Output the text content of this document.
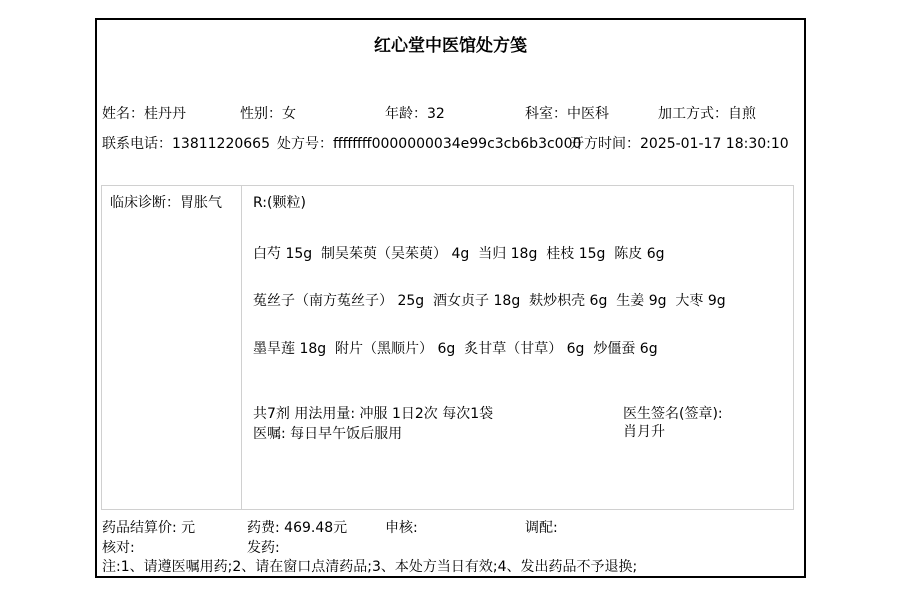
红心堂中医馆处方笺
姓名：桂丹丹	性别：女	年龄：32	科室：中医科	加工方式：自煎
联系电话：13811220665 处方号：ffffffff0000000034e99c3cb6b3c000
开方时间：2025-01-17 18:30:10
临床诊断：胃胀气	R:(颗粒)
白芍 15g  制吴茱萸（吴茱萸） 4g  当归 18g  桂枝 15g  陈皮 6g
菟丝子（南方菟丝子） 25g  酒女贞子 18g  麸炒枳壳 6g  生姜 9g  大枣 9g
墨旱莲 18g  附片（黑顺片） 6g  炙甘草（甘草） 6g  炒僵蚕 6g
共7剂 用法用量: 冲服 1日2次 每次1袋
医嘱: 每日早午饭后服用
医生签名(签章): 肖月升
药品结算价: 元	药费: 469.48元	申核:	调配:
核对:	发药:
注:1、请遵医嘱用药;2、请在窗口点清药品;3、本处方当日有效;4、发出药品不予退换;
